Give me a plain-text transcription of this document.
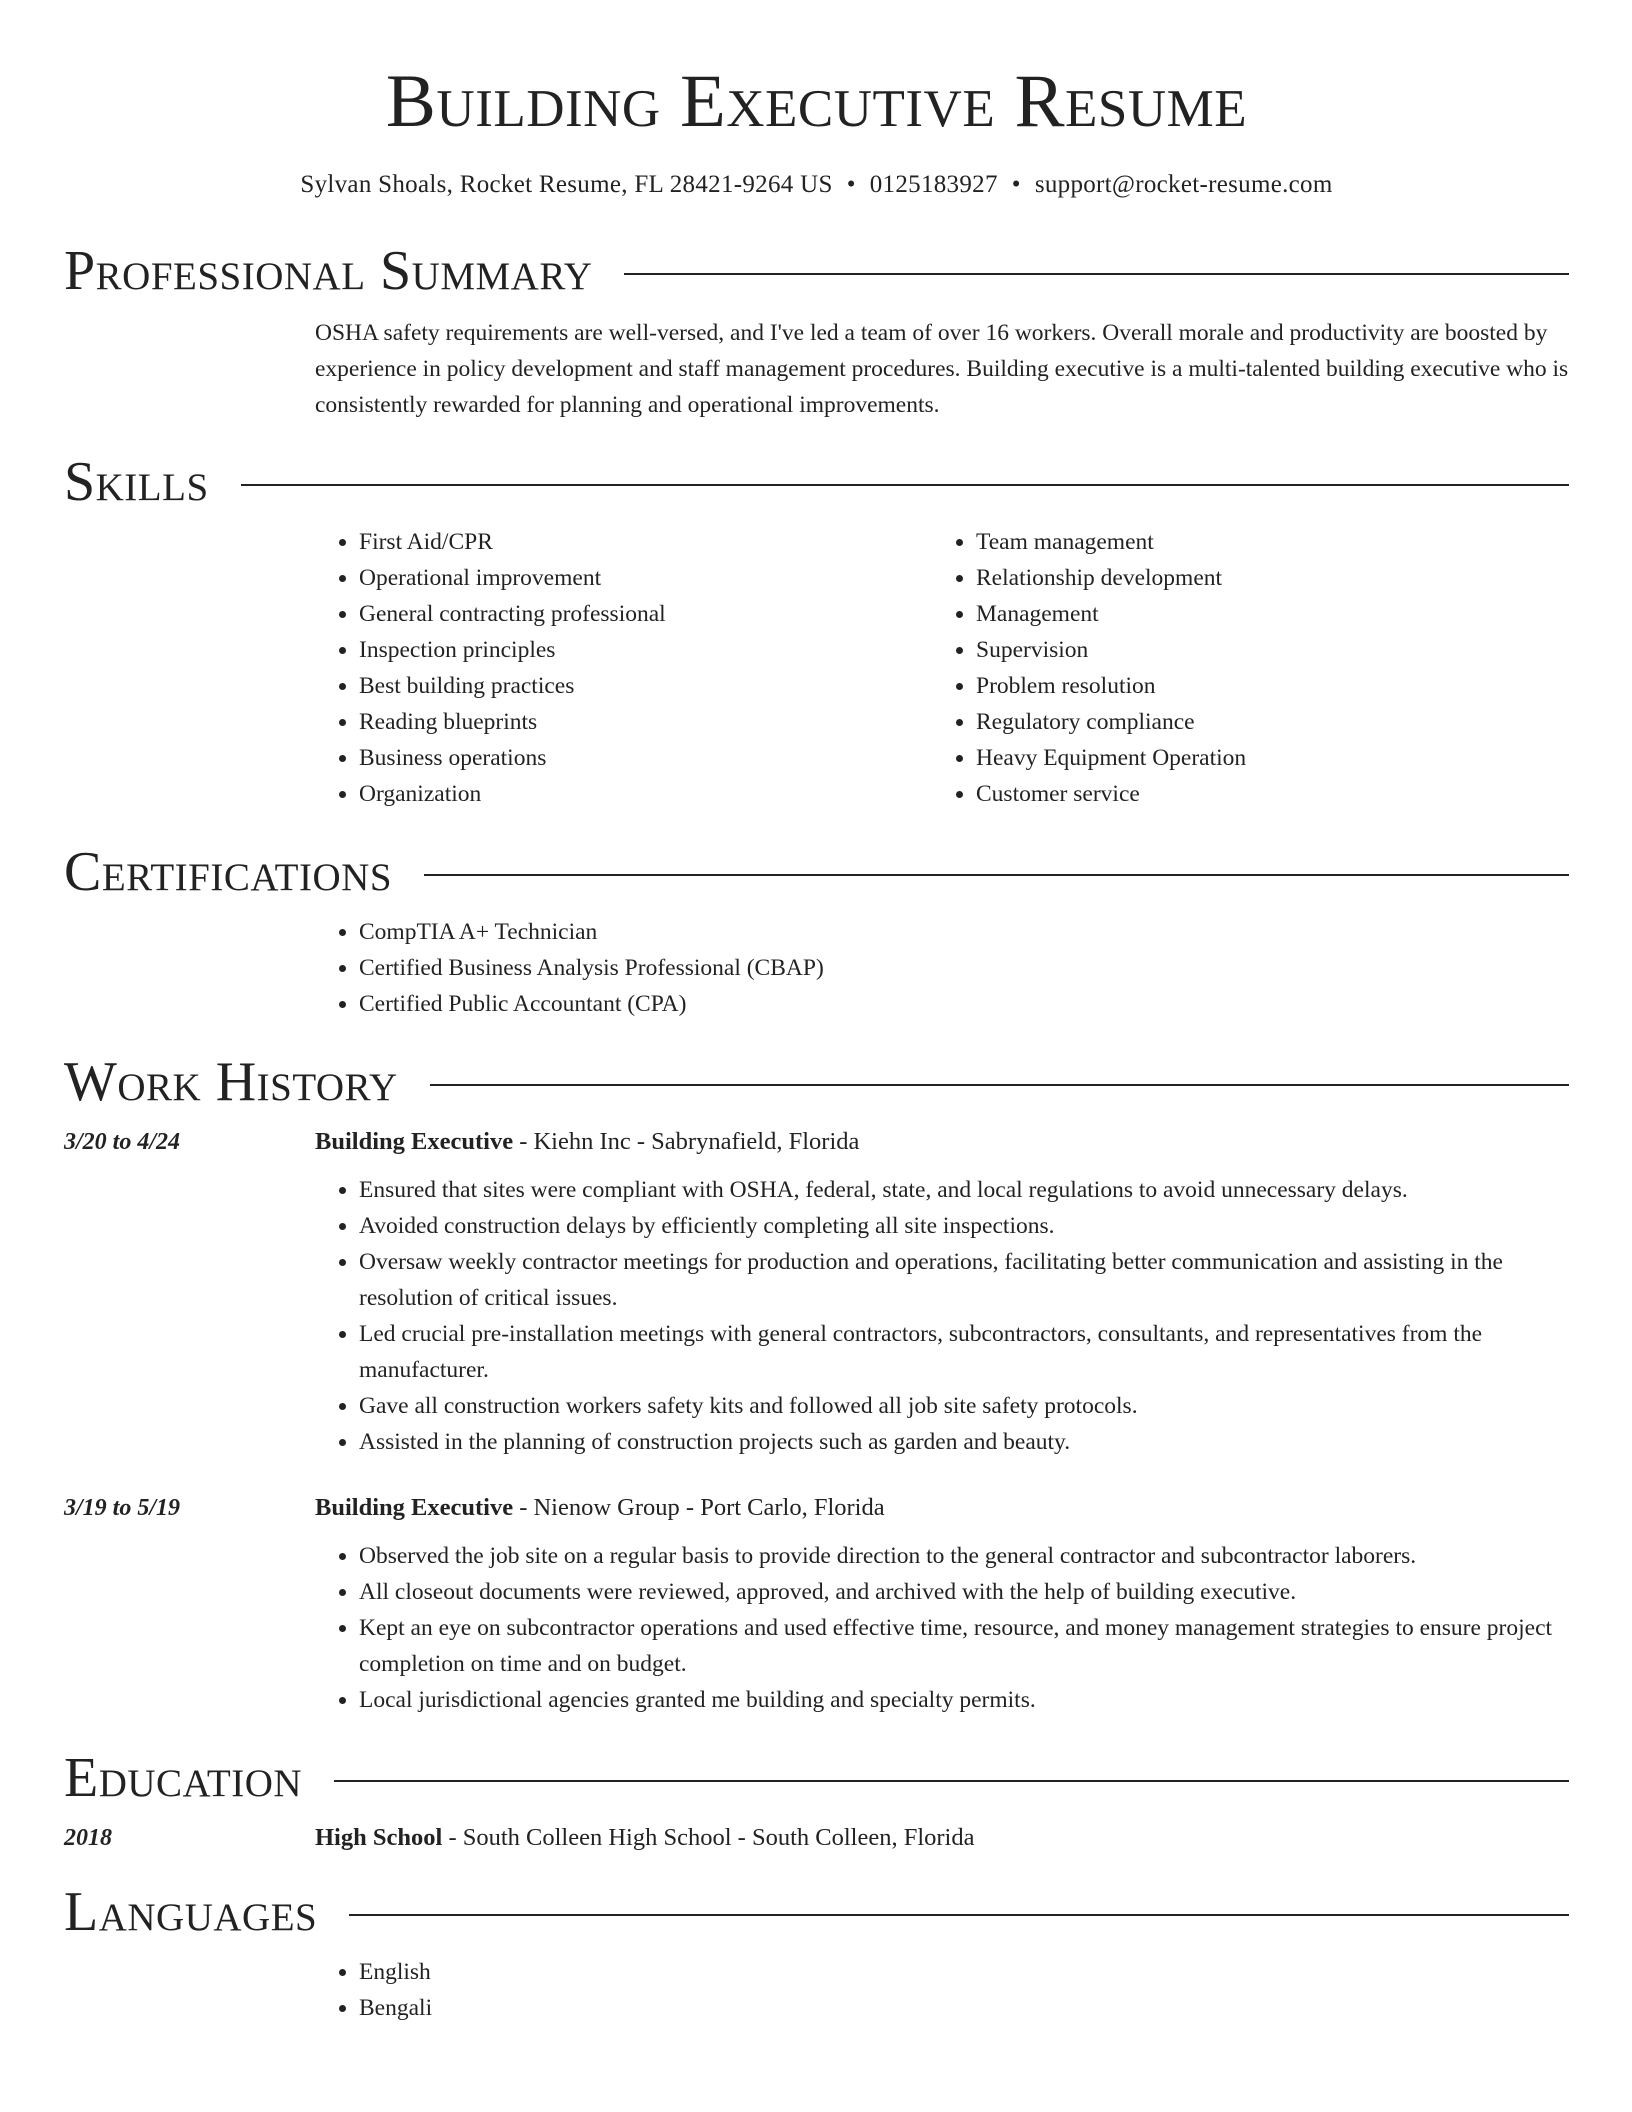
Building Executive Resume
Sylvan Shoals, Rocket Resume, FL 28421-9264 US • 0125183927 • support@rocket-resume.com
Professional Summary
OSHA safety requirements are well-versed, and I've led a team of over 16 workers. Overall morale and productivity are boosted by experience in policy development and staff management procedures. Building executive is a multi-talented building executive who is consistently rewarded for planning and operational improvements.
Skills
• First Aid/CPR
• Operational improvement
• General contracting professional
• Inspection principles
• Best building practices
• Reading blueprints
• Business operations
• Organization
• Team management
• Relationship development
• Management
• Supervision
• Problem resolution
• Regulatory compliance
• Heavy Equipment Operation
• Customer service
Certifications
• CompTIA A+ Technician
• Certified Business Analysis Professional (CBAP)
• Certified Public Accountant (CPA)
Work History
3/20 to 4/24	Building Executive - Kiehn Inc - Sabrynafield, Florida
• Ensured that sites were compliant with OSHA, federal, state, and local regulations to avoid unnecessary delays.
• Avoided construction delays by efficiently completing all site inspections.
• Oversaw weekly contractor meetings for production and operations, facilitating better communication and assisting in the resolution of critical issues.
• Led crucial pre-installation meetings with general contractors, subcontractors, consultants, and representatives from the manufacturer.
• Gave all construction workers safety kits and followed all job site safety protocols.
• Assisted in the planning of construction projects such as garden and beauty.
3/19 to 5/19	Building Executive - Nienow Group - Port Carlo, Florida
• Observed the job site on a regular basis to provide direction to the general contractor and subcontractor laborers.
• All closeout documents were reviewed, approved, and archived with the help of building executive.
• Kept an eye on subcontractor operations and used effective time, resource, and money management strategies to ensure project completion on time and on budget.
• Local jurisdictional agencies granted me building and specialty permits.
Education
2018	High School - South Colleen High School - South Colleen, Florida
Languages
• English
• Bengali
